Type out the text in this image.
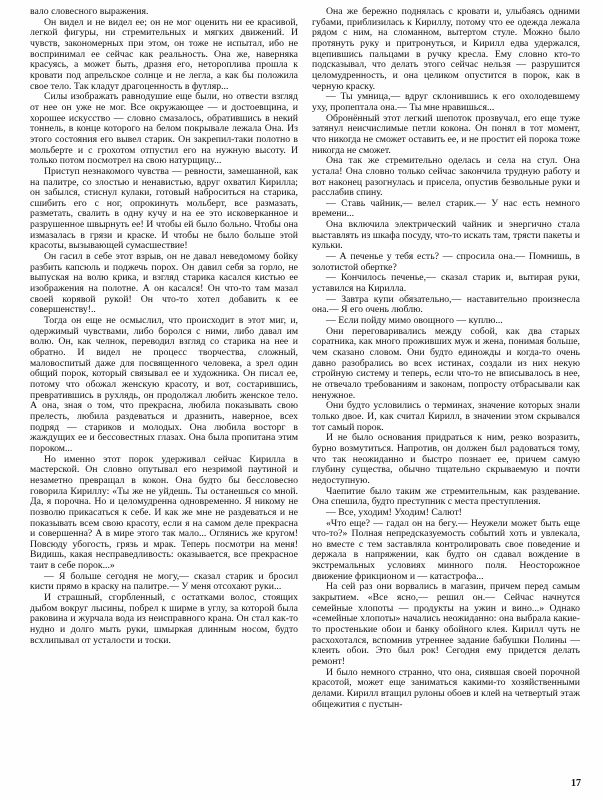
вало словесного выражения.

Он видел и не видел ее; он не мог оценить ни ее красивой, легкой фигуры, ни стремительных и мягких движений. И чувств, закономерных при этом, он тоже не испытал, ибо не воспринимал ее сейчас как реальность. Она же, наверняка красуясь, а может быть, дразня его, нетороплива прошла к кровати под апрельское солнце и не легла, а как бы положила свое тело. Так кладут драгоценность в футляр...

Силы изображать равнодушие еще были, но отвести взгляд от нее он уже не мог. Все окружающее — и достоевщина, и хорошее искусство — словно смазалось, обратившись в некий тоннель, в конце которого на белом покрывале лежала Она. Из этого состояния его вывел старик. Он закрепил-таки полотно в мольберте и с грохотом отпустил его на нужную высоту. И только потом посмотрел на свою натурщицу...

Приступ незнакомого чувства — ревности, замешанной, как на палитре, со злостью и ненавистью, вдруг охватил Кирилла; он забылся, стиснул кулаки, готовый наброситься на старика, сшибить его с ног, опрокинуть мольберт, все размазать, разметать, свалить в одну кучу и на ее это исковерканное и разрушенное швырнуть ее! И чтобы ей было больно. Чтобы она измазалась в грязи и краске. И чтобы не было больше этой красоты, вызывающей сумасшествие!

Он гасил в себе этот взрыв, он не давал неведомому бойку разбить капсюль и поджечь порох. Он давил себя за горло, не выпуская на волю крика, и взгляд старика касался кистью ее изображения на полотне. А он касался! Он что-то там мазал своей корявой рукой! Он что-то хотел добавить к ее совершенству!..

Тогда он еще не осмыслил, что происходит в этот миг, и, одержимый чувствами, либо боролся с ними, либо давал им волю. Он, как челнок, переводил взгляд со старика на нее и обратно. И видел не процесс творчества, сложный, маловоспитый даже для посвященного человека, а зрел один общий порок, который связывал ее и художника. Он писал ее, потому что обожал женскую красоту, и вот, состарившись, превратившись в рухлядь, он продолжал любить женское тело. А она, зная о том, что прекрасна, любила показывать свою прелесть, любила раздеваться и дразнить, наверное, всех подряд — стариков и молодых. Она любила восторг в жаждущих ее и бессовестных глазах. Она была пропитана этим пороком...

Но именно этот порок удерживал сейчас Кирилла в мастерской. Он словно опутывал его незримой паутиной и незаметно превращал в кокон. Она будто бы бессловесно говорила Кириллу: «Ты же не уйдешь. Ты останешься со мной. Да, я порочна. Но и целомудренна одновременно. Я никому не позволю прикасаться к себе. И как же мне не раздеваться и не показывать всем свою красоту, если я на самом деле прекрасна и совершенна? А в мире этого так мало... Оглянись же кругом! Повсюду убогость, грязь и мрак. Теперь посмотри на меня! Видишь, какая несправедливость: оказывается, все прекрасное таит в себе порок...»

— Я больше сегодня не могу,— сказал старик и бросил кисти прямо в краску на палитре.— У меня отсохают руки...

И страшный, сгорбленный, с остатками волос, стоящих дыбом вокруг лысины, побрел к ширме в углу, за которой была раковина и журчала вода из неисправного крана. Он стал как-то нудно и долго мыть руки, шмыркая длинным носом, будто всхлипывал от усталости и тоски.

Она же бережно поднялась с кровати и, улыбаясь одними губами, приблизилась к Кириллу, потому что ее одежда лежала рядом с ним, на сломанном, вытертом стуле. Можно было протянуть руку и притронуться, и Кирилл едва удержался, вцепившись пальцами в ручку кресла. Ему словно кто-то подсказывал, что делать этого сейчас нельзя — разрушится целомудренность, и она целиком опустится в порок, как в черную краску.

— Ты умница,— вдруг склонившись к его охолодевшему уху, пропептала она.— Ты мне нравишься...

Обронённый этот легкий шепоток прозвучал, его еще туже затянул неисчислимые петли кокона. Он понял в тот момент, что никогда не сможет оставить ее, и не простит ей порока тоже никогда не сможет.

Она так же стремительно оделась и села на стул. Она устала! Она словно только сейчас закончила трудную работу и вот наконец разогнулась и присела, опустив безвольные руки и расслабив спину.

— Ставь чайник,— велел старик.— У нас есть немного времени...

Она включила электрический чайник и энергично стала выставлять из шкафа посуду, что-то искать там, трясти пакеты и кульки.

— А печенье у тебя есть? — спросила она.— Помнишь, в золотистой обертке?

— Кончилось печенье,— сказал старик и, вытирая руки, уставился на Кирилла.

— Завтра купи обязательно,— наставительно произнесла она.— Я его очень люблю.

— Если пойду мимо овощного — куплю...

Они переговаривались между собой, как два старых соратника, как много проживших муж и жена, понимая больше, чем сказано словом. Они будто единожды и когда-то очень давно разобрались во всех истинах, создали из них некую стройную систему и теперь, если что-то не вписывалось в нее, не отвечало требованиям и законам, попросту отбрасывали как ненужное.

Они будто условились о терминах, значение которых знали только двое. И, как считал Кирилл, в значении этом скрывался тот самый порок.

И не было основания придраться к ним, резко возразить, бурно возмутиться. Напротив, он должен был радоваться тому, что так неожиданно и быстро познает ее, причем самую глубину существа, обычно тщательно скрываемую и почти недоступную.

Чаепитие было таким же стремительным, как раздевание. Она спешила, будто преступник с места преступления.

— Все, уходим! Уходим! Салют!

«Что еще? — гадал он на бегу.— Неужели может быть еще что-то?» Полная непредсказуемость событий хоть и увлекала, но вместе с тем заставляла контролировать свое поведение и держала в напряжении, как будто он сдавал вождение в экстремальных условиях минного поля. Неосторожное движение фрикционом и — катастрофа...

На сей раз они ворвались в магазин, причем перед самым закрытием. «Все ясно,— решил он.— Сейчас начнутся семейные хлопоты — продукты на ужин и вино...» Однако «семейные хлопоты» начались неожиданно: она выбрала какие-то простенькие обои и банку обойного клея. Кирилл чуть не расхохотался, вспомнив утреннее задание бабушки Полины — клеить обои. Это был рок! Сегодня ему придется делать ремонт!

И было немного странно, что она, сиявшая своей порочной красотой, может еще заниматься какими-то хозяйственными делами. Кирилл втащил рулоны обоев и клей на четвертый этаж общежития с пустын-

17
